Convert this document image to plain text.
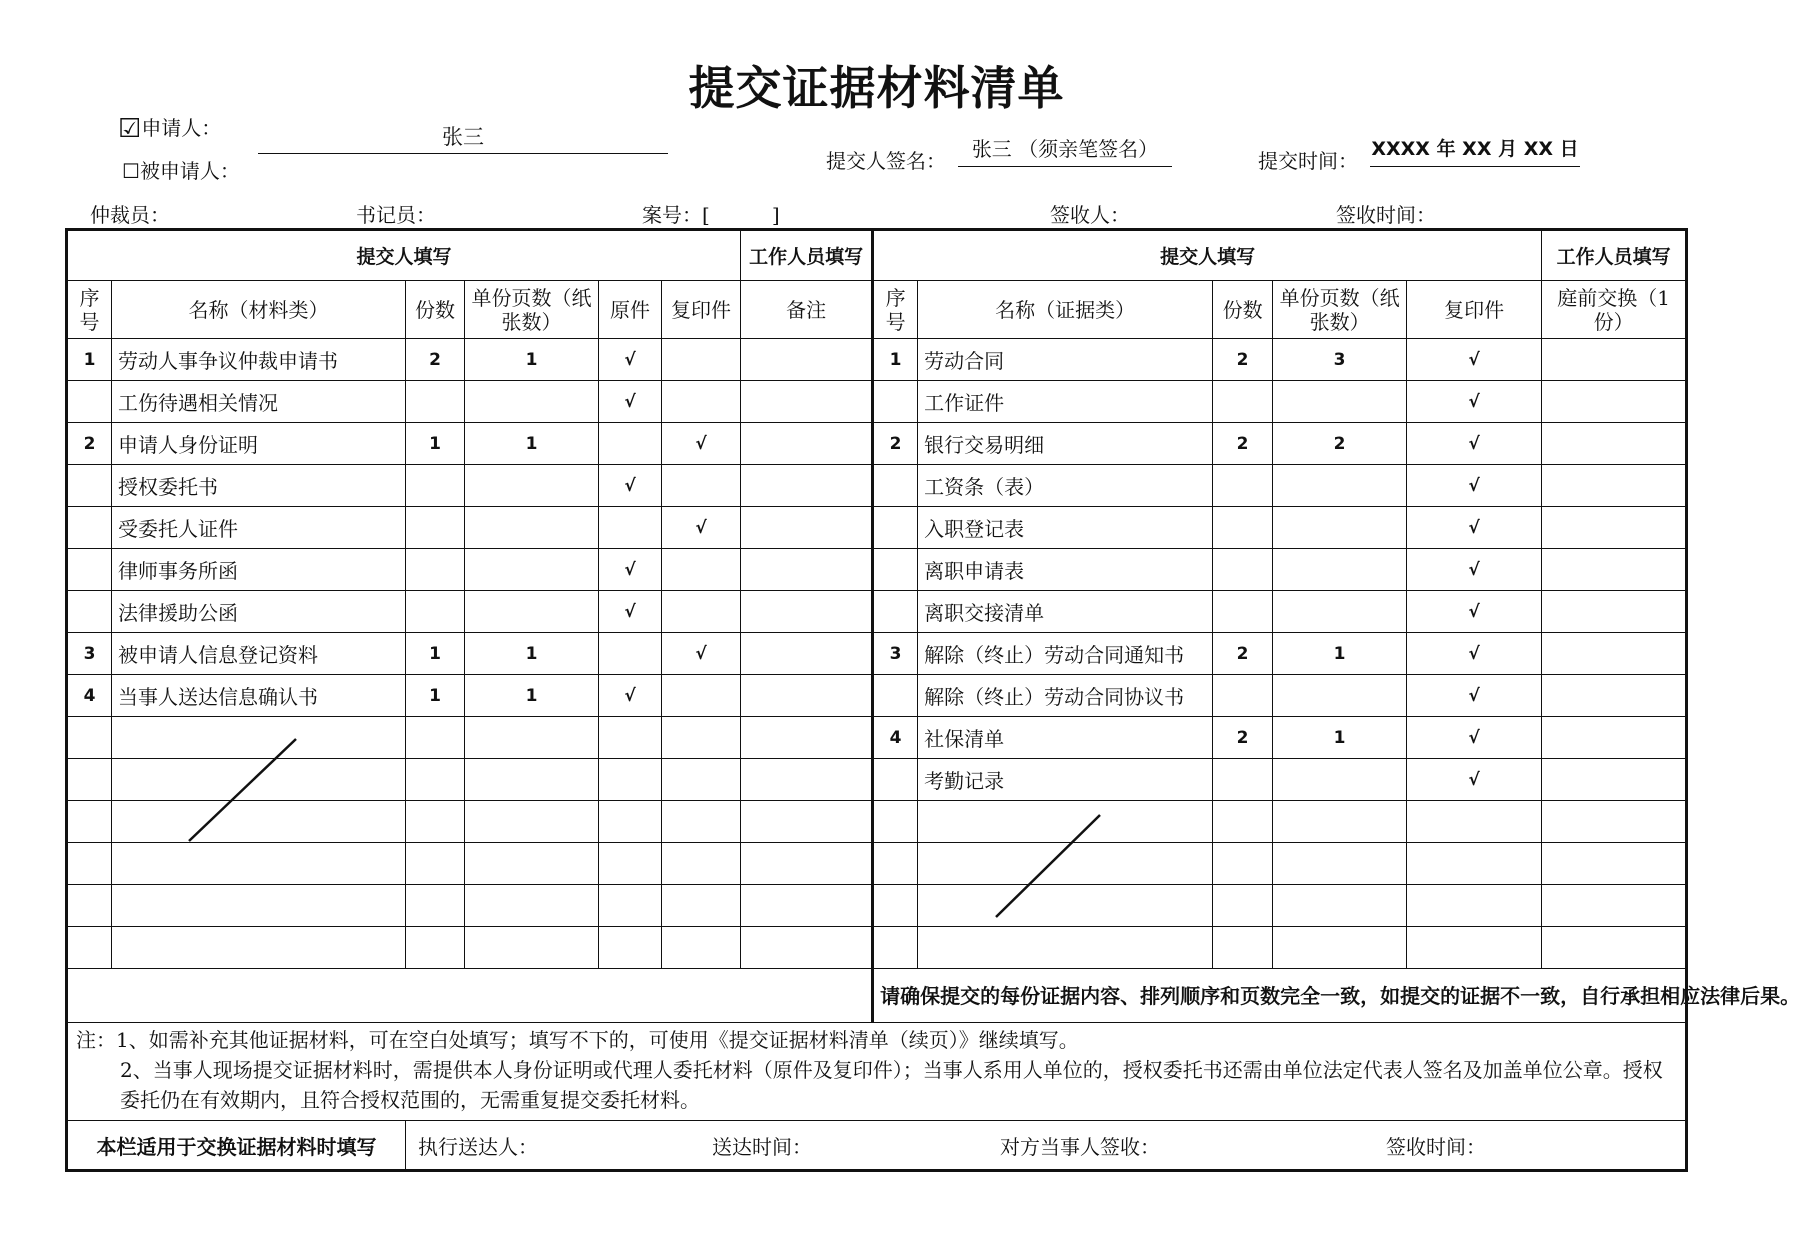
提交证据材料清单
☑申请人：
☐被申请人：
张三
提交人签名：	张三 （须亲笔签名）	提交时间： XXXX 年 XX 月 XX 日
仲裁员：	书记员：	案号：[	]	签收人：	签收时间：
提交人填写						工作人员填写	提交人填写					工作人员填写
序号	名称（材料类）	份数	单份页数（纸张数）	原件	复印件	备注	序号	名称（证据类）	份数	单份页数（纸张数）	复印件	庭前交换（1 份）
1	劳动人事争议仲裁申请书	2	1	√			1	劳动合同	2	3	√	
	工伤待遇相关情况			√				工作证件			√	
2	申请人身份证明	1	1		√		2	银行交易明细	2	2	√	
	授权委托书			√				工资条（表）			√	
	受委托人证件				√			入职登记表			√	
	律师事务所函			√				离职申请表			√	
	法律援助公函			√				离职交接清单			√	
3	被申请人信息登记资料	1	1		√		3	解除（终止）劳动合同通知书	2	1	√	
4	当事人送达信息确认书	1	1	√				解除（终止）劳动合同协议书			√	
							4	社保清单	2	1	√	
								考勤记录			√	

							请确保提交的每份证据内容、排列顺序和页数完全一致，如提交的证据不一致，自行承担相应法律后果。					

注：1、如需补充其他证据材料，可在空白处填写；填写不下的，可使用《提交证据材料清单（续页）》继续填写。
2、当事人现场提交证据材料时，需提供本人身份证明或代理人委托材料（原件及复印件）；当事人系用人单位的，授权委托书还需由单位法定代表人签名及加盖单位公章。授权委托仍在有效期内，且符合授权范围的，无需重复提交委托材料。												

本栏适用于交换证据材料时填写		执行送达人： 送达时间： 对方当事人签收： 签收时间：										
